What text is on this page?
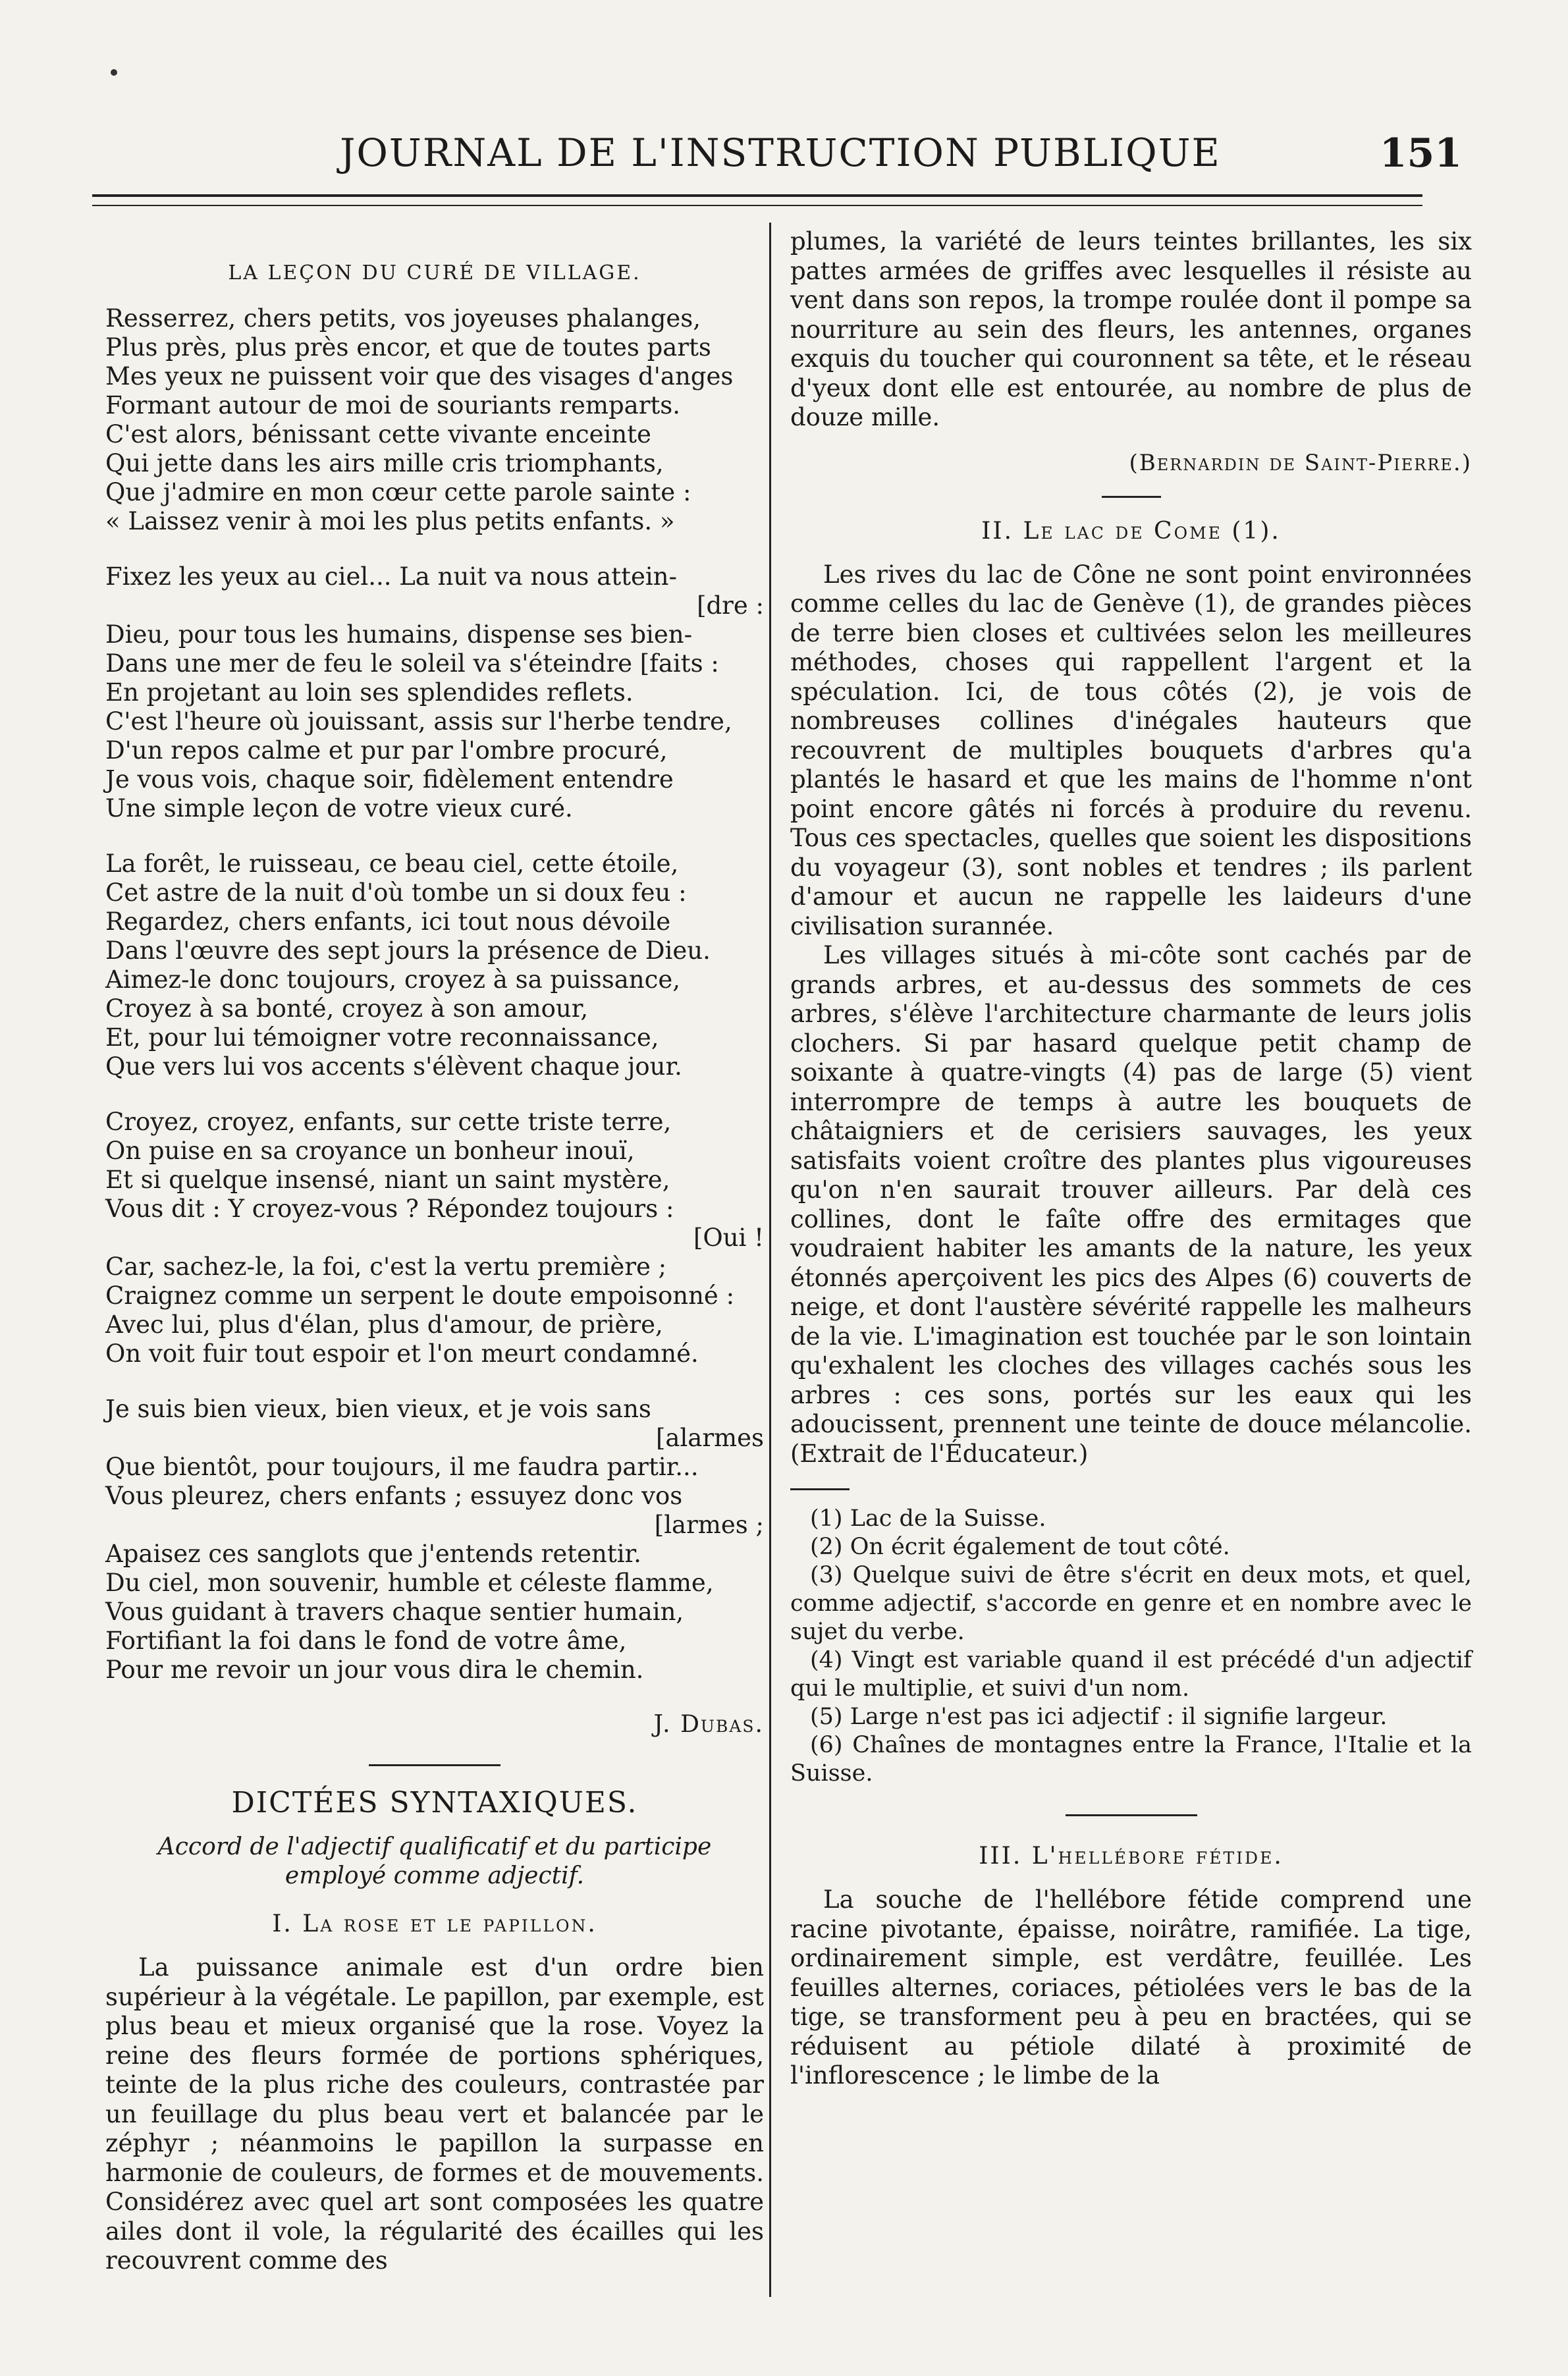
JOURNAL DE L'INSTRUCTION PUBLIQUE	151
LA LEÇON DU CURÉ DE VILLAGE.
Resserrez, chers petits, vos joyeuses phalanges,
Plus près, plus près encor, et que de toutes parts
Mes yeux ne puissent voir que des visages d'anges
Formant autour de moi de souriants remparts.
C'est alors, bénissant cette vivante enceinte
Qui jette dans les airs mille cris triomphants,
Que j'admire en mon cœur cette parole sainte :
« Laissez venir à moi les plus petits enfants. »
Fixez les yeux au ciel... La nuit va nous attein-
[dre :
Dieu, pour tous les humains, dispense ses bien-
Dans une mer de feu le soleil va s'éteindre [faits :
En projetant au loin ses splendides reflets.
C'est l'heure où jouissant, assis sur l'herbe tendre,
D'un repos calme et pur par l'ombre procuré,
Je vous vois, chaque soir, fidèlement entendre
Une simple leçon de votre vieux curé.
La forêt, le ruisseau, ce beau ciel, cette étoile,
Cet astre de la nuit d'où tombe un si doux feu :
Regardez, chers enfants, ici tout nous dévoile
Dans l'œuvre des sept jours la présence de Dieu.
Aimez-le donc toujours, croyez à sa puissance,
Croyez à sa bonté, croyez à son amour,
Et, pour lui témoigner votre reconnaissance,
Que vers lui vos accents s'élèvent chaque jour.
Croyez, croyez, enfants, sur cette triste terre,
On puise en sa croyance un bonheur inouï,
Et si quelque insensé, niant un saint mystère,
Vous dit : Y croyez-vous ? Répondez toujours :
[Oui !
Car, sachez-le, la foi, c'est la vertu première ;
Craignez comme un serpent le doute empoisonné :
Avec lui, plus d'élan, plus d'amour, de prière,
On voit fuir tout espoir et l'on meurt condamné.
Je suis bien vieux, bien vieux, et je vois sans
[alarmes
Que bientôt, pour toujours, il me faudra partir...
Vous pleurez, chers enfants ; essuyez donc vos
[larmes ;
Apaisez ces sanglots que j'entends retentir.
Du ciel, mon souvenir, humble et céleste flamme,
Vous guidant à travers chaque sentier humain,
Fortifiant la foi dans le fond de votre âme,
Pour me revoir un jour vous dira le chemin.
J. Dubas.
DICTÉES SYNTAXIQUES.
Accord de l'adjectif qualificatif et du participe
employé comme adjectif.
I. La rose et le papillon.

La puissance animale est d'un ordre bien supérieur à la végétale. Le papillon, par exemple, est plus beau et mieux organisé que la rose. Voyez la reine des fleurs formée de portions sphériques, teinte de la plus riche des couleurs, contrastée par un feuillage du plus beau vert et balancée par le zéphyr ; néanmoins le papillon la surpasse en harmonie de couleurs, de formes et de mouvements. Considérez avec quel art sont composées les quatre ailes dont il vole, la régularité des écailles qui les recouvrent comme des

plumes, la variété de leurs teintes brillantes, les six pattes armées de griffes avec lesquelles il résiste au vent dans son repos, la trompe roulée dont il pompe sa nourriture au sein des fleurs, les antennes, organes exquis du toucher qui couronnent sa tête, et le réseau d'yeux dont elle est entourée, au nombre de plus de douze mille.

(Bernardin de Saint-Pierre.)
II. Le lac de Come (1).

Les rives du lac de Cône ne sont point environnées comme celles du lac de Genève (1), de grandes pièces de terre bien closes et cultivées selon les meilleures méthodes, choses qui rappellent l'argent et la spéculation. Ici, de tous côtés (2), je vois de nombreuses collines d'inégales hauteurs que recouvrent de multiples bouquets d'arbres qu'a plantés le hasard et que les mains de l'homme n'ont point encore gâtés ni forcés à produire du revenu. Tous ces spectacles, quelles que soient les dispositions du voyageur (3), sont nobles et tendres ; ils parlent d'amour et aucun ne rappelle les laideurs d'une civilisation surannée.

Les villages situés à mi-côte sont cachés par de grands arbres, et au-dessus des sommets de ces arbres, s'élève l'architecture charmante de leurs jolis clochers. Si par hasard quelque petit champ de soixante à quatre-vingts (4) pas de large (5) vient interrompre de temps à autre les bouquets de châtaigniers et de cerisiers sauvages, les yeux satisfaits voient croître des plantes plus vigoureuses qu'on n'en saurait trouver ailleurs. Par delà ces collines, dont le faîte offre des ermitages que voudraient habiter les amants de la nature, les yeux étonnés aperçoivent les pics des Alpes (6) couverts de neige, et dont l'austère sévérité rappelle les malheurs de la vie. L'imagination est touchée par le son lointain qu'exhalent les cloches des villages cachés sous les arbres : ces sons, portés sur les eaux qui les adoucissent, prennent une teinte de douce mélancolie. (Extrait de l'Éducateur.)

(1) Lac de la Suisse.

(2) On écrit également de tout côté.

(3) Quelque suivi de être s'écrit en deux mots, et quel, comme adjectif, s'accorde en genre et en nombre avec le sujet du verbe.

(4) Vingt est variable quand il est précédé d'un adjectif qui le multiplie, et suivi d'un nom.

(5) Large n'est pas ici adjectif : il signifie largeur.

(6) Chaînes de montagnes entre la France, l'Italie et la Suisse.

III. L'hellébore fétide.

La souche de l'hellébore fétide comprend une racine pivotante, épaisse, noirâtre, ramifiée. La tige, ordinairement simple, est verdâtre, feuillée. Les feuilles alternes, coriaces, pétiolées vers le bas de la tige, se transforment peu à peu en bractées, qui se réduisent au pétiole dilaté à proximité de l'inflorescence ; le limbe de la
